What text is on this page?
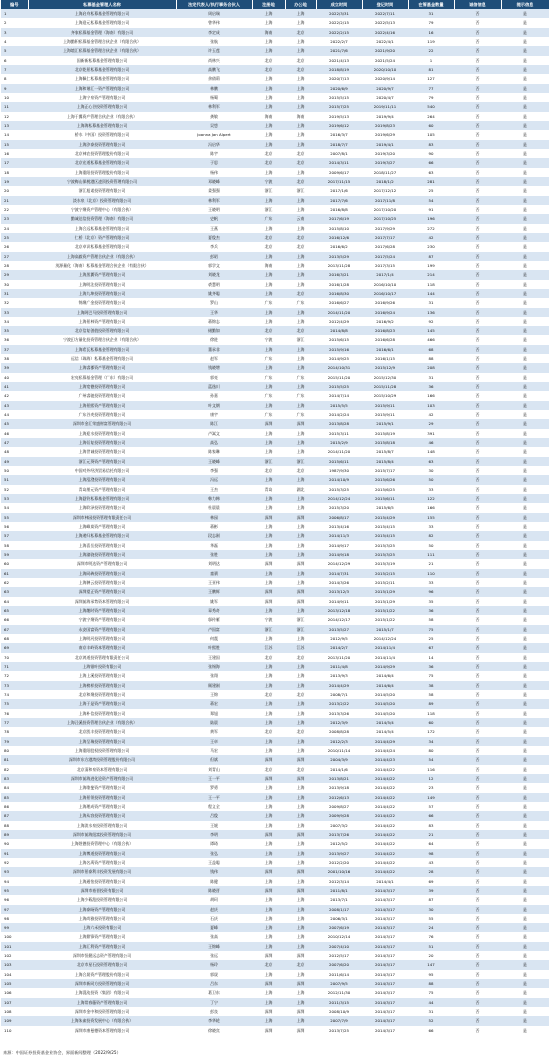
编号	私募基金管理人名称	法定代表人/执行事务合伙人	注册地	办公地	成立时间	登记时间	在管基金数量	诚信信息	提示信息
1	上海启舟私募基金管理有限公司	周启瑞	上海	上海	2022/3/31	2022/7/11	31	否	是
2	上海迎元私募基金管理有限公司	曾华伟	上海	上海	2022/2/15	2022/5/13	79	否	是
3	齐家私募基金管理（海南）有限公司	李定成	海南	北京	2022/2/15	2022/4/16	16	否	是
4	上海勤积私募基金管理合伙企业（有限合伙）	张航	上海	上海	2022/2/7	2022/4/1	119	否	是
5	上海境汇私募基金管理合伙企业（有限合伙）	许玉莲	上海	上海	2021/7/6	2021/9/20	22	否	是
6	国新新私募基金管理有限公司	尚林兴	北京	北京	2021/4/13	2021/5/24	1	否	是
7	北京乾景私募基金管理有限公司	高鹏飞	北京	北京	2018/8/19	2020/10/10	81	否	是
8	上海佩仁私募基金管理有限公司	余倩莉	上海	上海	2020/7/13	2020/9/14	127	否	是
9	上海和谐汇一资产管理有限公司	林鹏	上海	上海	2020/6/9	2020/9/7	77	否	是
10	上海宁泉资产管理有限公司	杨蜀	上海	上海	2015/5/15	2020/4/7	79	否	是
11	上海正心谷投资管理有限公司	林利军	上海	上海	2015/7/25	2019/11/11	540	否	是
12	上海于翼资产管理合伙企业（有限合伙）	龚敏	海南	海南	2019/5/13	2019/9/4	264	否	是
13	上海海私募基金管理有限公司	吴悠	上海	上海	2019/6/12	2019/8/23	60	否	是
14	桥水（中国）投资管理有限公司	Joanna Jan Alpert	上海	上海	2016/3/7	2019/6/29	105	否	是
15	上海汐泰投资管理有限公司	冯启华	上海	上海	2018/7/7	2019/4/1	83	否	是
16	北京神农投资管理股份有限公司	陈宇	北京	北京	2007/8/1	2019/3/20	90	否	是
17	北京宏道私募基金管理有限公司	于思	北京	北京	2014/3/11	2019/3/27	66	否	是
18	上海重阳投资管理股份有限公司	杨伟	上海	上海	2009/6/17	2018/11/27	63	否	是
19	宁波梅山保税港区凌顶投资管理有限公司	邓晓峰	宁波	北京	2017/11/15	2018/1/2	281	否	是
20	浙江旭诺投资管理有限公司	姜强强	浙江	浙江	2017/1/6	2017/12/12	25	否	是
21	淡水泉（北京）投资管理有限公司	林利军	上海	上海	2017/7/6	2017/11/8	54	否	是
22	宁波宁聚资产管理中心（有限合伙）	王晓明	浙江	上海	2016/8/8	2017/10/20	91	否	是
23	勤诚达信投资管理（海南）有限公司	史帆	广东	云南	2017/6/19	2017/10/25	196	否	是
24	上海合远私募基金管理有限公司	王燕	上海	上海	2015/8/10	2017/9/29	272	否	是
25	仁桥（北京）资产管理有限公司	夏俊杰	北京	北京	2016/12/6	2017/7/17	42	否	是
26	北京卓识私募基金管理有限公司	李兵	北京	北京	2016/6/2	2017/6/28	230	否	是
27	上海高毅资产管理合伙企业（有限合伙）	彭昭	上海	上海	2013/5/29	2017/5/24	87	否	是
28	茂源量化（海南）私募基金管理合伙企业（有限合伙）	郭学文	海南	上海	2013/11/28	2017/3/15	199	否	是
29	上海黑翼资产管理有限公司	刘晓龙	上海	上海	2016/3/21	2017/1/4	214	否	是
30	上海明汯投资管理有限公司	裘慧明	上海	上海	2016/1/28	2016/10/10	118	否	是
31	上海九坤投资管理有限公司	姚齐聪	上海	北京	2016/8/30	2016/10/17	144	否	是
32	锦聚广金投资管理有限公司	罗山	广东	广东	2016/6/27	2016/9/26	31	否	是
33	上海阿巴马投资管理有限公司	王华	上海	上海	2014/11/20	2016/9/24	136	否	是
34	上海景林资产管理有限公司	蒋锦志	上海	上海	2012/4/29	2016/9/2	92	否	是
35	北京信复创值投资管理有限公司	储勤如	北京	北京	2014/8/8	2016/8/23	145	否	是
36	宁波幻方量化投资管理合伙企业（有限合伙）	徐进	宁波	浙江	2015/6/15	2016/6/28	466	否	是
37	上海希瓦私募基金管理有限公司	董承非	上海	上海	2015/9/16	2016/6/1	68	否	是
38	远信（珠海）私募基金管理有限公司	赵军	广东	上海	2014/9/25	2016/1/15	88	否	是
39	上海睿郡资产管理有限公司	钱晓增	上海	上海	2014/10/31	2015/12/9	208	否	是
40	宏亮私募基金管理（广东）有限公司	郭亮	广东	广东	2015/11/20	2015/12/30	31	否	是
41	上海宽德投资管理有限公司	蓝逸川	上海	上海	2015/5/25	2015/11/28	36	否	是
42	广州睿驰投资管理有限公司	孙嘉	广东	广东	2014/7/14	2015/10/29	166	否	是
43	上海景熙资产管理有限公司	叶文钢	上海	上海	2015/5/5	2015/9/11	103	否	是
44	广东谷麦投资管理有限公司	康宇	广东	广东	2014/2/24	2015/9/11	42	否	是
45	深圳市金汇荣盛财富管理有限公司	陈江	深圳	深圳	2013/8/28	2015/9/1	29	否	是
46	上海迎水投资管理有限公司	卢嵩文	上海	上海	2015/3/11	2015/8/19	391	否	是
47	上海衍复投资管理有限公司	高弘	上海	上海	2015/2/9	2015/8/18	46	否	是
48	上海世诚投资管理有限公司	陈家琳	上海	上海	2014/11/20	2015/8/7	148	否	是
49	浙江元葵资产管理有限公司	王晓峰	浙江	浙江	2015/6/11	2015/8/4	63	否	是
50	中国对外经济贸易信托有限公司	李强	北京	北京	1987/9/30	2015/7/17	30	否	是
51	上海泓澄投资管理有限公司	冯远	上海	上海	2014/10/9	2015/6/26	50	否	是
52	青岛朋元资产管理有限公司	王杰	青岛	湖北	2015/3/25	2015/6/25	33	否	是
53	上海悬铃私募基金管理有限公司	韩力韩	上海	上海	2014/12/24	2015/6/11	122	否	是
54	上海聆泽投资管理有限公司	杜晨晨	上海	上海	2015/3/20	2015/6/5	166	否	是
55	深圳市林园投资管理有限责任公司	林园	深圳	深圳	2006/8/17	2015/4/29	155	否	是
56	上海峰岚资产管理有限公司	蒋彬	上海	上海	2013/4/16	2015/4/15	33	否	是
57	上海递归私募基金管理有限公司	段志刚	上海	上海	2014/11/3	2015/4/15	82	否	是
58	上海喜岳投资管理有限公司	华磊	上海	上海	2014/9/17	2015/3/25	50	否	是
59	上海潼骁投资管理有限公司	张胜	上海	上海	2014/9/18	2015/3/25	111	否	是
60	深圳市明达资产管理有限公司	刘明达	深圳	深圳	2014/12/29	2015/3/19	21	否	是
61	上海同犇投资管理有限公司	童驯	上海	上海	2014/7/31	2015/2/15	110	否	是
62	上海翀云投资管理有限公司	王亚伟	上海	上海	2014/3/26	2015/2/11	33	否	是
63	深圳望正资产管理有限公司	王鹏辉	深圳	深圳	2013/12/3	2015/1/29	96	否	是
64	深圳前海承势资本管理有限公司	姚军	深圳	深圳	2014/9/11	2015/1/29	35	否	是
65	上海趣时资产管理有限公司	章秀奇	上海	上海	2013/12/18	2015/1/22	36	否	是
66	宁波宁聚资产管理有限公司	邬传雁	宁波	浙江	2014/12/17	2015/1/22	58	否	是
67	永安国富资产管理有限公司	卢国富	浙江	浙江	2013/5/27	2015/1/7	75	否	是
68	上海明河投资管理有限公司	何震	上海	上海	2012/9/5	2014/12/24	25	否	是
69	南京丰岭资本管理有限公司	叶熙胜	江苏	江苏	2014/2/7	2014/11/4	67	否	是
70	北京鸿道投资管理有限责任公司	王建国	北京	北京	2013/11/20	2014/11/4	14	否	是
71	上海银叶投资有限公司	张锡海	上海	上海	2011/4/8	2014/9/29	36	否	是
72	上海上溪投资管理有限公司	张翔	上海	上海	2013/9/3	2014/6/4	75	否	是
73	上海榜样投资管理有限公司	顾建刚	上海	上海	2014/4/29	2014/6/4	38	否	是
74	北京和聚投资管理有限公司	王锦	北京	北京	2008/7/1	2014/5/20	58	否	是
75	上海于是资产管理有限公司	蒋宏	上海	上海	2013/2/22	2014/5/20	89	否	是
76	上海朴信投资管理有限公司	郑旭	上海	上海	2013/3/26	2014/5/20	118	否	是
77	上海泾溪投资管理合伙企业（有限合伙）	陆晨	上海	上海	2012/3/9	2014/5/4	60	否	是
78	北京凯丰投资管理有限公司	黄军	北京	北京	2008/8/28	2014/5/4	172	否	是
79	上海呈瑞投资管理有限公司	王卓	上海	上海	2012/2/3	2014/4/29	34	否	是
80	上海重阳股权投资管理有限公司	马宏	上海	上海	2010/11/14	2014/4/24	80	否	是
81	深圳市东方港湾投资管理股份有限公司	但斌	深圳	深圳	2004/3/9	2014/4/23	54	否	是
82	北京清和泉资本管理有限公司	刘青山	北京	北京	2014/1/6	2014/4/22	116	否	是
83	深圳市前海进化论资产管理有限公司	王一平	深圳	深圳	2013/8/21	2014/4/22	12	否	是
84	上海歌斐资产管理有限公司	罗勇	上海	上海	2013/9/18	2014/4/22	23	否	是
85	上海景领投资管理有限公司	王一平	上海	上海	2012/6/13	2014/4/22	149	否	是
86	上海理成资产管理有限公司	程义全	上海	上海	2009/8/27	2014/4/22	57	否	是
87	上海从容投资管理有限公司	吕俊	上海	上海	2009/9/28	2014/4/22	66	否	是
88	上海淡水泉投资管理有限公司	王媛	上海	上海	2007/3/2	2014/4/22	83	否	是
89	深圳市前海纽富投资管理有限公司	李明	深圳	深圳	2013/7/26	2014/4/22	21	否	是
90	上海煜德投资管理中心（有限合伙）	谭琦	上海	上海	2012/5/2	2014/4/22	64	否	是
91	上海博道投资管理有限公司	张弘	上海	上海	2013/9/27	2014/4/22	98	否	是
92	上海名禹资产管理有限公司	王益聪	上海	上海	2012/2/20	2014/4/22	43	否	是
93	深圳市景泰利丰投资发展有限公司	钱伟	深圳	深圳	2001/10/16	2014/4/22	28	否	是
94	上海通怡投资管理有限公司	陈健	上海	上海	2012/3/14	2014/4/1	69	否	是
95	深圳市裕晋投资有限公司	陈晓晋	深圳	深圳	2011/8/1	2014/3/17	39	否	是
96	上海少薮派投资管理有限公司	胡珂	上海	上海	2013/7/1	2014/3/17	87	否	是
97	上海泰旸资产管理有限公司	赵庆	上海	上海	2008/1/17	2014/3/17	30	否	是
98	上海尚雅投资管理有限公司	石庆	上海	上海	2006/3/1	2014/3/17	55	否	是
99	上海六禾投资有限公司	夏峰	上海	上海	2007/6/19	2014/3/17	24	否	是
100	上海鼎锋资产管理有限公司	张高	上海	上海	2010/12/14	2014/3/17	76	否	是
101	上海汇利资产管理有限公司	王锦峰	上海	上海	2007/4/10	2014/3/17	51	否	是
102	深圳市恒健远志资产管理有限公司	张远	深圳	深圳	2012/5/17	2014/3/17	20	否	是
103	北京市星石投资管理有限公司	杨玲	北京	北京	2007/6/20	2014/3/17	147	否	是
104	上海合晟资产管理股份有限公司	郭晟	上海	上海	2011/6/14	2014/3/17	95	否	是
105	深圳市新同方投资管理有限公司	吕东	深圳	深圳	2007/9/5	2014/3/17	88	否	是
106	上海混沌投资（集团）有限公司	葛卫东	上海	上海	2012/11/30	2014/3/17	75	否	是
107	上海常春藤资产管理有限公司	丁宁	上海	上海	2011/3/15	2014/3/17	44	否	是
108	深圳市金中和投资管理有限公司	彭良	深圳	深圳	2008/10/9	2014/3/17	31	否	是
109	上海朱雀投资发展中心（有限合伙）	李华轮	上海	上海	2007/7/9	2014/3/17	52	否	是
110	深圳市康曼德资本管理有限公司	徐晓宾	深圳	深圳	2013/7/25	2014/3/17	66	否	是
来源：中国证券投资基金业协会，界面新闻整理（2022/9/25）
